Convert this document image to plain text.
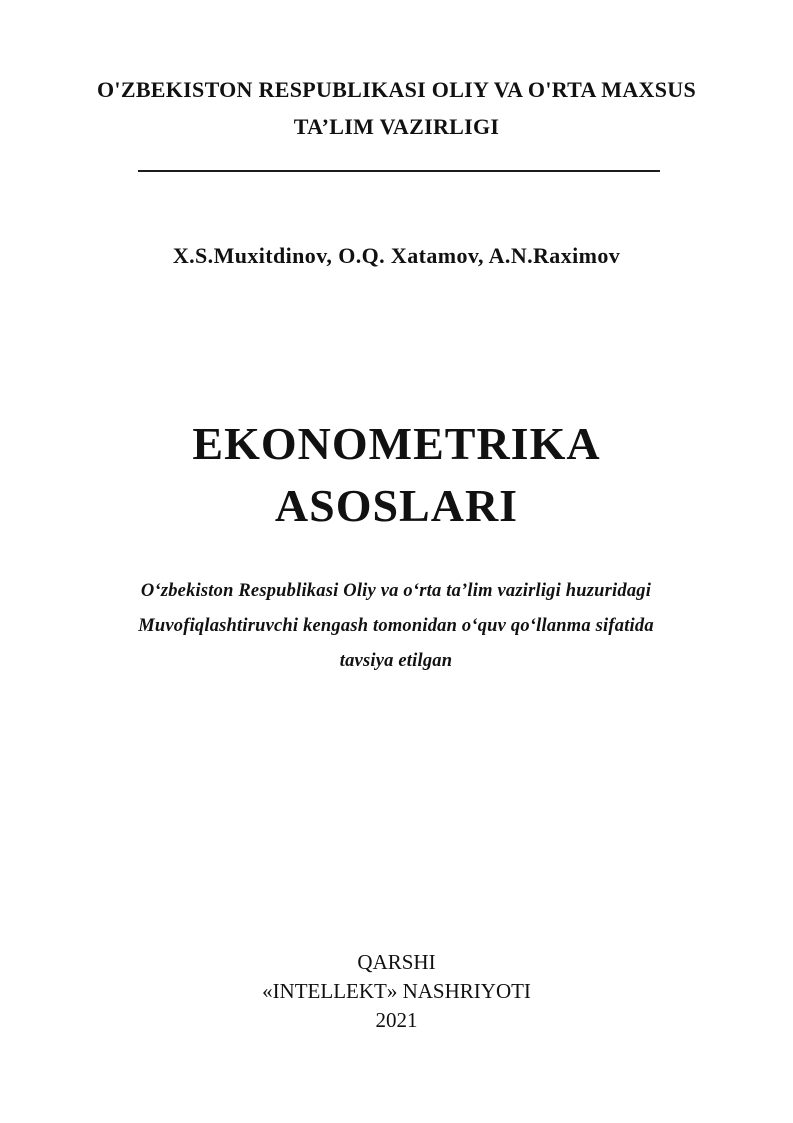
O'ZBEKISTON RESPUBLIKASI OLIY VA O'RTA MAXSUS
TA’LIM VAZIRLIGI
X.S.Muxitdinov, O.Q. Xatamov, A.N.Raximov
EKONOMETRIKA
ASOSLARI
O‘zbekiston Respublikasi Oliy va o‘rta ta’lim vazirligi huzuridagi
Muvofiqlashtiruvchi kengash tomonidan o‘quv qo‘llanma sifatida
tavsiya etilgan
QARSHI
«INTELLEKT» NASHRIYOTI
2021
